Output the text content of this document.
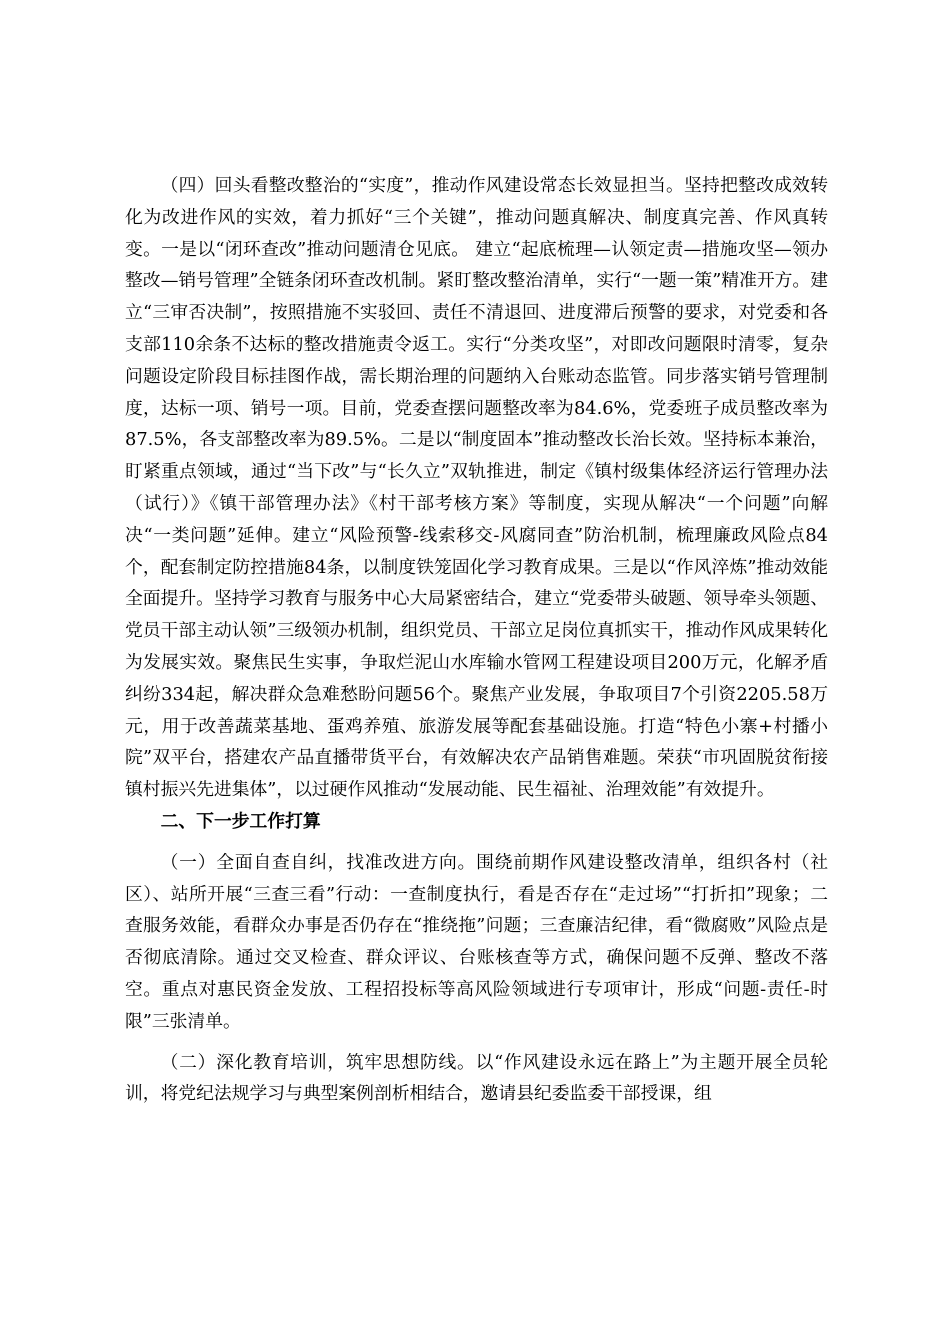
（四）回头看整改整治的“实度”，推动作风建设常态长效显担当。坚持把整改成效转化为改进作风的实效，着力抓好“三个关键”，推动问题真解决、制度真完善、作风真转变。一是以“闭环查改”推动问题清仓见底。 建立“起底梳理—认领定责—措施攻坚—领办整改—销号管理”全链条闭环查改机制。紧盯整改整治清单，实行“一题一策”精准开方。建立“三审否决制”，按照措施不实驳回、责任不清退回、进度滞后预警的要求，对党委和各支部110余条不达标的整改措施责令返工。实行“分类攻坚”，对即改问题限时清零，复杂问题设定阶段目标挂图作战，需长期治理的问题纳入台账动态监管。同步落实销号管理制度，达标一项、销号一项。目前，党委查摆问题整改率为84.6%，党委班子成员整改率为87.5%，各支部整改率为89.5%。二是以“制度固本”推动整改长治长效。坚持标本兼治，盯紧重点领域，通过“当下改”与“长久立”双轨推进，制定《镇村级集体经济运行管理办法（试行）》《镇干部管理办法》《村干部考核方案》等制度，实现从解决“一个问题”向解决“一类问题”延伸。建立“风险预警-线索移交-风腐同查”防治机制，梳理廉政风险点84个，配套制定防控措施84条，以制度铁笼固化学习教育成果。三是以“作风淬炼”推动效能全面提升。坚持学习教育与服务中心大局紧密结合，建立“党委带头破题、领导牵头领题、党员干部主动认领”三级领办机制，组织党员、干部立足岗位真抓实干，推动作风成果转化为发展实效。聚焦民生实事，争取烂泥山水库输水管网工程建设项目200万元，化解矛盾纠纷334起，解决群众急难愁盼问题56个。聚焦产业发展，争取项目7个引资2205.58万元，用于改善蔬菜基地、蛋鸡养殖、旅游发展等配套基础设施。打造“特色小寨+村播小院”双平台，搭建农产品直播带货平台，有效解决农产品销售难题。荣获“市巩固脱贫衔接镇村振兴先进集体”，以过硬作风推动“发展动能、民生福祉、治理效能”有效提升。

二、下一步工作打算

（一）全面自查自纠，找准改进方向。围绕前期作风建设整改清单，组织各村（社区）、站所开展“三查三看”行动：一查制度执行，看是否存在“走过场”“打折扣”现象；二查服务效能，看群众办事是否仍存在“推绕拖”问题；三查廉洁纪律，看“微腐败”风险点是否彻底清除。通过交叉检查、群众评议、台账核查等方式，确保问题不反弹、整改不落空。重点对惠民资金发放、工程招投标等高风险领域进行专项审计，形成“问题-责任-时限”三张清单。

（二）深化教育培训，筑牢思想防线。以“作风建设永远在路上”为主题开展全员轮训，将党纪法规学习与典型案例剖析相结合，邀请县纪委监委干部授课，组
